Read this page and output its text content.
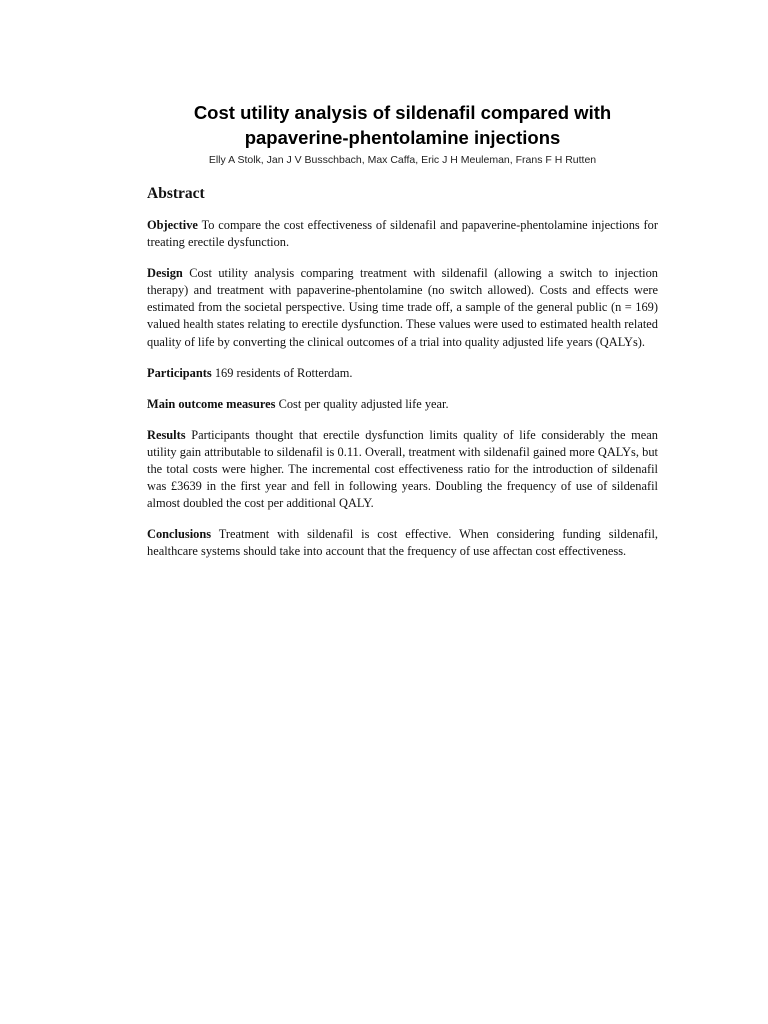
Cost utility analysis of sildenafil compared with
papaverine-phentolamine injections

Elly A Stolk, Jan J V Busschbach, Max Caffa, Eric J H Meuleman, Frans F H Rutten

Abstract

Objective To compare the cost effectiveness of sildenafil and papaverine-phentolamine injections for treating erectile dysfunction.

Design Cost utility analysis comparing treatment with sildenafil (allowing a switch to injection therapy) and treatment with papaverine-phentolamine (no switch allowed). Costs and effects were estimated from the societal perspective. Using time trade off, a sample of the general public (n = 169) valued health states relating to erectile dysfunction. These values were used to estimated health related quality of life by converting the clinical outcomes of a trial into quality adjusted life years (QALYs).

Participants 169 residents of Rotterdam.

Main outcome measures Cost per quality adjusted life year.

Results Participants thought that erectile dysfunction limits quality of life considerably the mean utility gain attributable to sildenafil is 0.11. Overall, treatment with sildenafil gained more QALYs, but the total costs were higher. The incremental cost effectiveness ratio for the introduction of sildenafil was £3639 in the first year and fell in following years. Doubling the frequency of use of sildenafil almost doubled the cost per additional QALY.

Conclusions Treatment with sildenafil is cost effective. When considering funding sildenafil, healthcare systems should take into account that the frequency of use affectan cost effectiveness.
